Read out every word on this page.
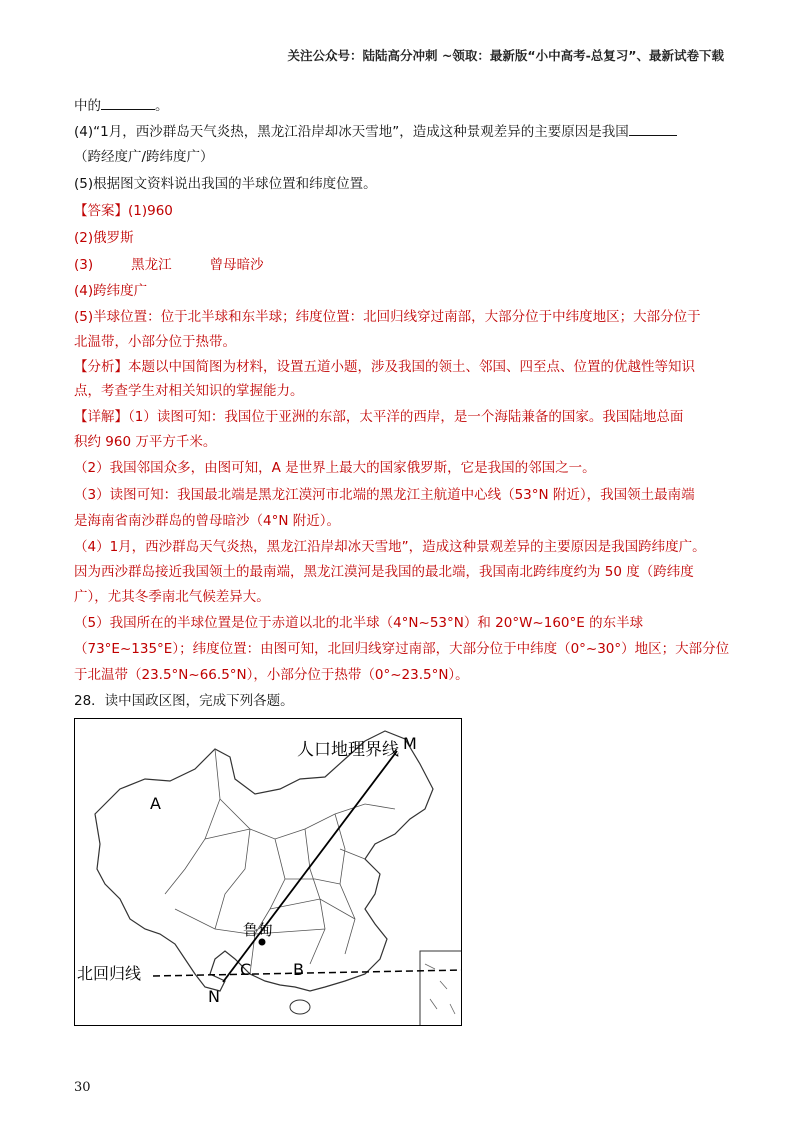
关注公众号：陆陆高分冲刺 ~领取：最新版“小中高考-总复习”、最新试卷下载
中的	。
(4)“1月，西沙群岛天气炎热，黑龙江沿岸却冰天雪地”，造成这种景观差异的主要原因是我国
（跨经度广/跨纬度广）
(5)根据图文资料说出我国的半球位置和纬度位置。
【答案】(1)960
(2)俄罗斯
(3)	黑龙江	曾母暗沙
(4)跨纬度广
(5)半球位置：位于北半球和东半球；纬度位置：北回归线穿过南部，大部分位于中纬度地区；大部分位于
北温带，小部分位于热带。
【分析】本题以中国简图为材料，设置五道小题，涉及我国的领土、邻国、四至点、位置的优越性等知识
点，考查学生对相关知识的掌握能力。
【详解】（1）读图可知：我国位于亚洲的东部，太平洋的西岸，是一个海陆兼备的国家。我国陆地总面
积约 960 万平方千米。
（2）我国邻国众多，由图可知，A 是世界上最大的国家俄罗斯，它是我国的邻国之一。
（3）读图可知：我国最北端是黑龙江漠河市北端的黑龙江主航道中心线（53°N 附近），我国领土最南端
是海南省南沙群岛的曾母暗沙（4°N 附近）。
（4）1月，西沙群岛天气炎热，黑龙江沿岸却冰天雪地”，造成这种景观差异的主要原因是我国跨纬度广。
因为西沙群岛接近我国领土的最南端，黑龙江漠河是我国的最北端，我国南北跨纬度约为 50 度（跨纬度
广），尤其冬季南北气候差异大。
（5）我国所在的半球位置是位于赤道以北的北半球（4°N~53°N）和 20°W~160°E 的东半球
（73°E~135°E）；纬度位置：由图可知，北回归线穿过南部，大部分位于中纬度（0°~30°）地区；大部分位
于北温带（23.5°N~66.5°N），小部分位于热带（0°~23.5°N）。
28．读中国政区图，完成下列各题。
人口地理界线 M
A
鲁甸
C	B
北回归线
N
30
